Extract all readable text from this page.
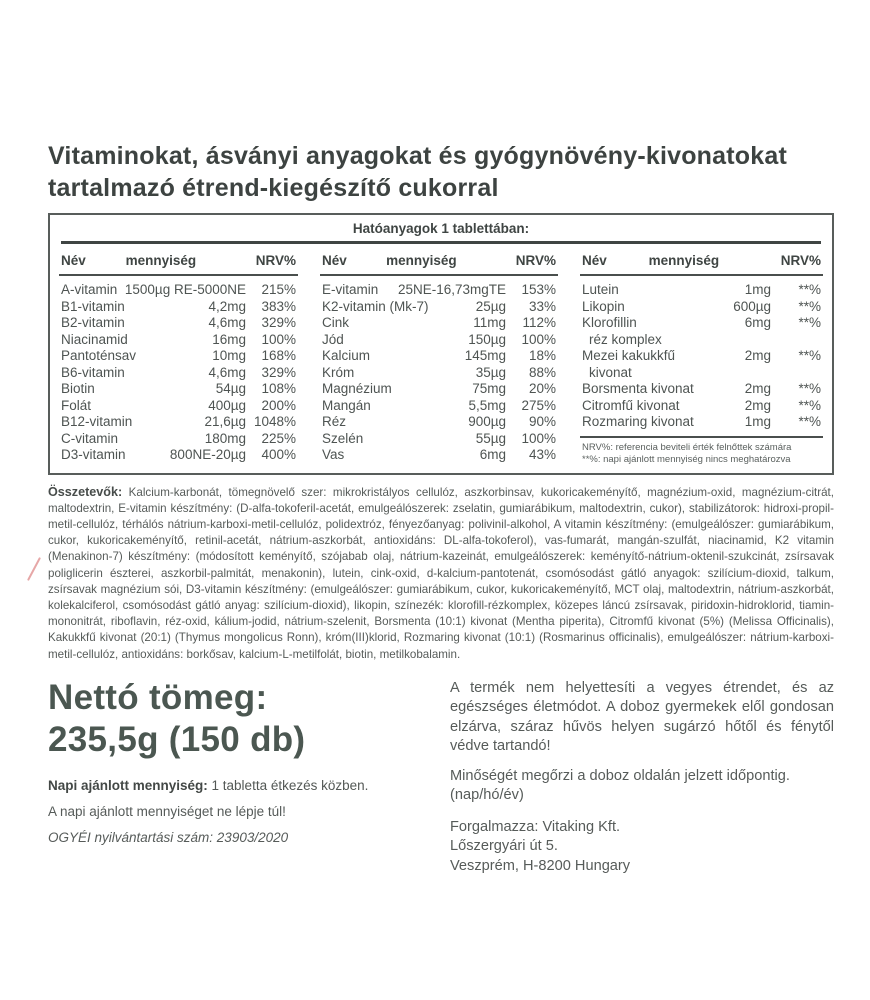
Vitaminokat, ásványi anyagokat és gyógynövény-kivonatokat tartalmazó étrend-kiegészítő cukorral
Hatóanyagok 1 tablettában:
Név	mennyiség	NRV%
A-vitamin 1500µg RE-5000NE	215%
B1-vitamin	4,2mg	383%
B2-vitamin	4,6mg	329%
Niacinamid	16mg	100%
Pantoténsav	10mg	168%
B6-vitamin	4,6mg	329%
Biotin	54µg	108%
Folát	400µg	200%
B12-vitamin	21,6µg 1048%
C-vitamin	180mg	225%
D3-vitamin	800NE-20µg	400%
Név	mennyiség	NRV%
E-vitamin	25NE-16,73mgTE	153%
K2-vitamin (Mk-7)	25µg	33%
Cink	11mg	112%
Jód	150µg	100%
Kalcium	145mg	18%
Króm	35µg	88%
Magnézium	75mg	20%
Mangán	5,5mg	275%
Réz	900µg	90%
Szelén	55µg	100%
Vas	6mg	43%
Név	mennyiség	NRV%
Lutein	1mg	**%
Likopin	600µg	**%
Klorofillin	6mg	**%
réz komplex
Mezei kakukkfű	2mg	**%
kivonat
Borsmenta kivonat	2mg	**%
Citromfű kivonat	2mg	**%
Rozmaring kivonat	1mg	**%
NRV%: referencia beviteli érték felnőttek számára
**%: napi ajánlott mennyiség nincs meghatározva
Összetevők: Kalcium-karbonát, tömegnövelő szer: mikrokristályos cellulóz, aszkorbinsav, kukoricakeményítő, magnézium-oxid, magnézium-citrát, maltodextrin, E-vitamin készítmény: (D-alfa-tokoferil-acetát, emulgeálószerek: zselatin, gumiarábikum, maltodextrin, cukor), stabilizátorok: hidroxi-propil-metil-cellulóz, térhálós nátrium-karboxi-metil-cellulóz, polidextróz, fényezőanyag: polivinil-alkohol, A vitamin készítmény: (emulgeálószer: gumiarábikum, cukor, kukoricakeményítő, retinil-acetát, nátrium-aszkorbát, antioxidáns: DL-alfa-tokoferol), vas-fumarát, mangán-szulfát, niacinamid, K2 vitamin (Menakinon-7) készítmény: (módosított keményítő, szójabab olaj, nátrium-kazeinát, emulgeálószerek: keményítő-nátrium-oktenil-szukcinát, zsírsavak poliglicerin észterei, aszkorbil-palmitát, menakonin), lutein, cink-oxid, d-kalcium-pantotenát, csomósodást gátló anyagok: szilícium-dioxid, talkum, zsírsavak magnézium sói, D3-vitamin készítmény: (emulgeálószer: gumiarábikum, cukor, kukoricakeményítő, MCT olaj, maltodextrin, nátrium-aszkorbát, kolekalciferol, csomósodást gátló anyag: szilícium-dioxid), likopin, színezék: klorofill-rézkomplex, közepes láncú zsírsavak, piridoxin-hidroklorid, tiamin-mononitrát, riboflavin, réz-oxid, kálium-jodid, nátrium-szelenit, Borsmenta (10:1) kivonat (Mentha piperita), Citromfű kivonat (5%) (Melissa Officinalis), Kakukkfű kivonat (20:1) (Thymus mongolicus Ronn), króm(III)klorid, Rozmaring kivonat (10:1) (Rosmarinus officinalis), emulgeálószer: nátrium-karboxi-metil-cellulóz, antioxidáns: borkősav, kalcium-L-metilfolát, biotin, metilkobalamin.
Nettó tömeg:
235,5g (150 db)
Napi ajánlott mennyiség: 1 tabletta étkezés közben.
A napi ajánlott mennyiséget ne lépje túl!
OGYÉI nyilvántartási szám: 23903/2020
A termék nem helyettesíti a vegyes étrendet, és az egészséges életmódot. A doboz gyermekek elől gondosan elzárva, száraz hűvös helyen sugárzó hőtől és fénytől védve tartandó!
Minőségét megőrzi a doboz oldalán jelzett időpontig.
(nap/hó/év)
Forgalmazza: Vitaking Kft.
Lőszergyári út 5.
Veszprém, H-8200 Hungary
